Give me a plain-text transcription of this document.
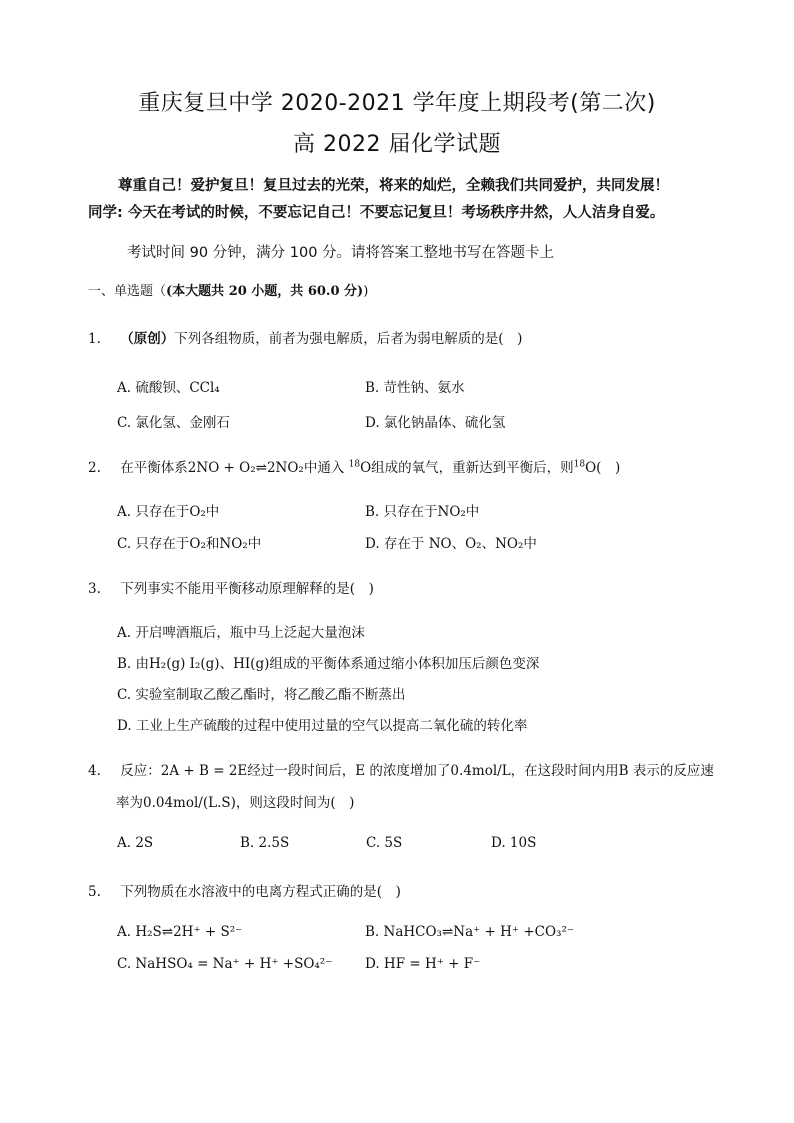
重庆复旦中学 2020-2021 学年度上期段考(第二次)
高 2022 届化学试题
尊重自己！爱护复旦！复旦过去的光荣，将来的灿烂，全赖我们共同爱护，共同发展！
同学: 今天在考试的时候，不要忘记自己！不要忘记复旦！考场秩序井然，人人洁身自爱。
考试时间 90 分钟，满分 100 分。请将答案工整地书写在答题卡上
一、单选题（(本大题共 20 小题，共 60.0 分))
1. （原创）下列各组物质，前者为强电解质，后者为弱电解质的是(　)
A. 硫酸钡、CCl₄	B. 苛性钠、氨水
C. 氯化氢、金刚石	D. 氯化钠晶体、硫化氢
2. 在平衡体系2NO + O₂⇌2NO₂中通入 $^{18}$O组成的氧气，重新达到平衡后，则$^{18}$O(　)
A. 只存在于O₂中	B. 只存在于NO₂中
C. 只存在于O₂和NO₂中	D. 存在于 NO、O₂、NO₂中
3. 下列事实不能用平衡移动原理解释的是(　)
A. 开启啤酒瓶后，瓶中马上泛起大量泡沫
B. 由H₂(g) I₂(g)、HI(g)组成的平衡体系通过缩小体积加压后颜色变深
C. 实验室制取乙酸乙酯时，将乙酸乙酯不断蒸出
D. 工业上生产硫酸的过程中使用过量的空气以提高二氧化硫的转化率
4. 反应：2A + B = 2E经过一段时间后，E 的浓度增加了0.4mol/L，在这段时间内用B 表示的反应速
率为0.04mol/(L.S)，则这段时间为(　)
A. 2S	B. 2.5S	C. 5S	D. 10S
5. 下列物质在水溶液中的电离方程式正确的是(　)
A. H₂S⇌2H⁺ + S²⁻	B. NaHCO₃⇌Na⁺ + H⁺ +CO₃²⁻
C. NaHSO₄ = Na⁺ + H⁺ +SO₄²⁻ D. HF = H⁺ + F⁻
